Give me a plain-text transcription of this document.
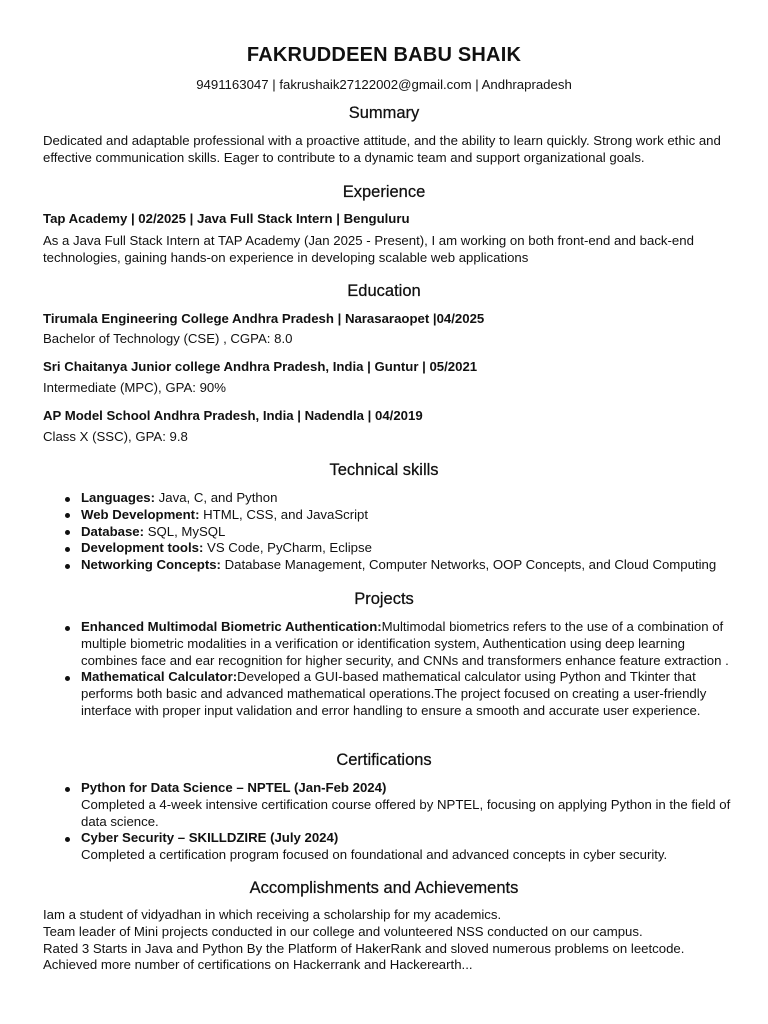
FAKRUDDEEN BABU SHAIK
9491163047 | fakrushaik27122002@gmail.com | Andhrapradesh
Summary
Dedicated and adaptable professional with a proactive attitude, and the ability to learn quickly. Strong work ethic and effective communication skills. Eager to contribute to a dynamic team and support organizational goals.
Experience
Tap Academy | 02/2025 | Java Full Stack Intern | Benguluru
As a Java Full Stack Intern at TAP Academy (Jan 2025 - Present), I am working on both front-end and back-end technologies, gaining hands-on experience in developing scalable web applications
Education
Tirumala Engineering College Andhra Pradesh | Narasaraopet |04/2025
Bachelor of Technology (CSE) , CGPA: 8.0
Sri Chaitanya Junior college Andhra Pradesh, India | Guntur | 05/2021
Intermediate (MPC), GPA: 90%
AP Model School Andhra Pradesh, India | Nadendla | 04/2019
Class X (SSC), GPA: 9.8
Technical skills
Languages: Java, C, and Python
Web Development: HTML, CSS, and JavaScript
Database: SQL, MySQL
Development tools: VS Code, PyCharm, Eclipse
Networking Concepts: Database Management, Computer Networks, OOP Concepts, and Cloud Computing
Projects
Enhanced Multimodal Biometric Authentication:Multimodal biometrics refers to the use of a combination of multiple biometric modalities in a verification or identification system, Authentication using deep learning combines face and ear recognition for higher security, and CNNs and transformers enhance feature extraction .
Mathematical Calculator:Developed a GUI-based mathematical calculator using Python and Tkinter that performs both basic and advanced mathematical operations.The project focused on creating a user-friendly interface with proper input validation and error handling to ensure a smooth and accurate user experience.
Certifications
Python for Data Science – NPTEL (Jan-Feb 2024)
Completed a 4-week intensive certification course offered by NPTEL, focusing on applying Python in the field of data science.
Cyber Security – SKILLDZIRE (July 2024)
Completed a certification program focused on foundational and advanced concepts in cyber security.
Accomplishments and Achievements
Iam a student of vidyadhan in which receiving a scholarship for my academics.
Team leader of Mini projects conducted in our college and volunteered NSS conducted on our campus.
Rated 3 Starts in Java and Python By the Platform of HakerRank and sloved numerous problems on leetcode.
Achieved more number of certifications on Hackerrank and Hackerearth...
